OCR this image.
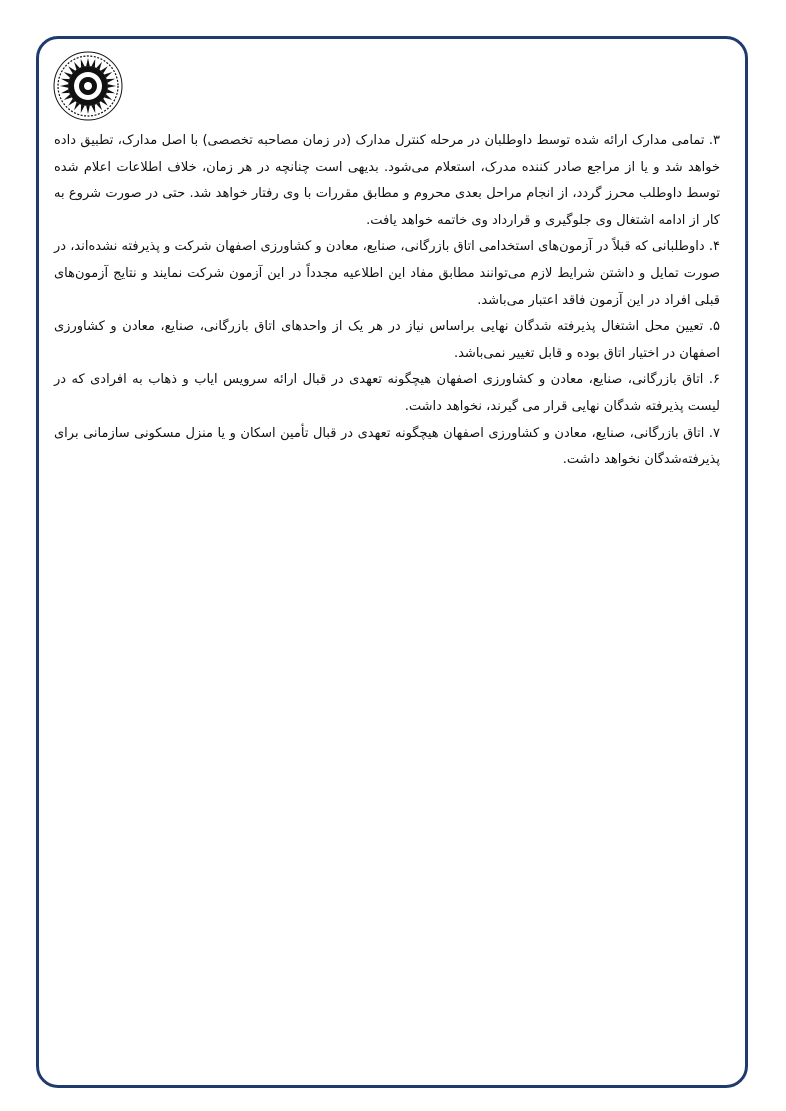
۳. تمامی مدارک ارائه شده توسط داوطلبان در مرحله کنترل مدارک (در زمان مصاحبه تخصصی) با اصل مدارک، تطبیق داده خواهد شد و یا از مراجع صادر کننده مدرک، استعلام می‌شود. بدیهی است چنانچه در هر زمان، خلاف اطلاعات اعلام شده توسط داوطلب محرز گردد، از انجام مراحل بعدی محروم و مطابق مقررات با وی رفتار خواهد شد. حتی در صورت شروع به کار از ادامه اشتغال وی جلوگیری و قرارداد وی خاتمه خواهد یافت.

۴. داوطلبانی که قبلاً در آزمون‌های استخدامی اتاق بازرگانی، صنایع، معادن و کشاورزی اصفهان شرکت و پذیرفته نشده‌اند، در صورت تمایل و داشتن شرایط لازم می‌توانند مطابق مفاد این اطلاعیه مجدداً در این آزمون شرکت نمایند و نتایج آزمون‌های قبلی افراد در این آزمون فاقد اعتبار می‌باشد.

۵. تعیین محل اشتغال پذیرفته شدگان نهایی براساس نیاز در هر یک از واحدهای اتاق بازرگانی، صنایع، معادن و کشاورزی اصفهان در اختیار اتاق بوده و قابل تغییر نمی‌باشد.

۶. اتاق بازرگانی، صنایع، معادن و کشاورزی اصفهان هیچگونه تعهدی در قبال ارائه سرویس ایاب و ذهاب به افرادی که در لیست پذیرفته شدگان نهایی قرار می گیرند، نخواهد داشت.

۷. اتاق بازرگانی، صنایع، معادن و کشاورزی اصفهان هیچگونه تعهدی در قبال تأمین اسکان و یا منزل مسکونی سازمانی برای پذیرفته‌شدگان نخواهد داشت.
